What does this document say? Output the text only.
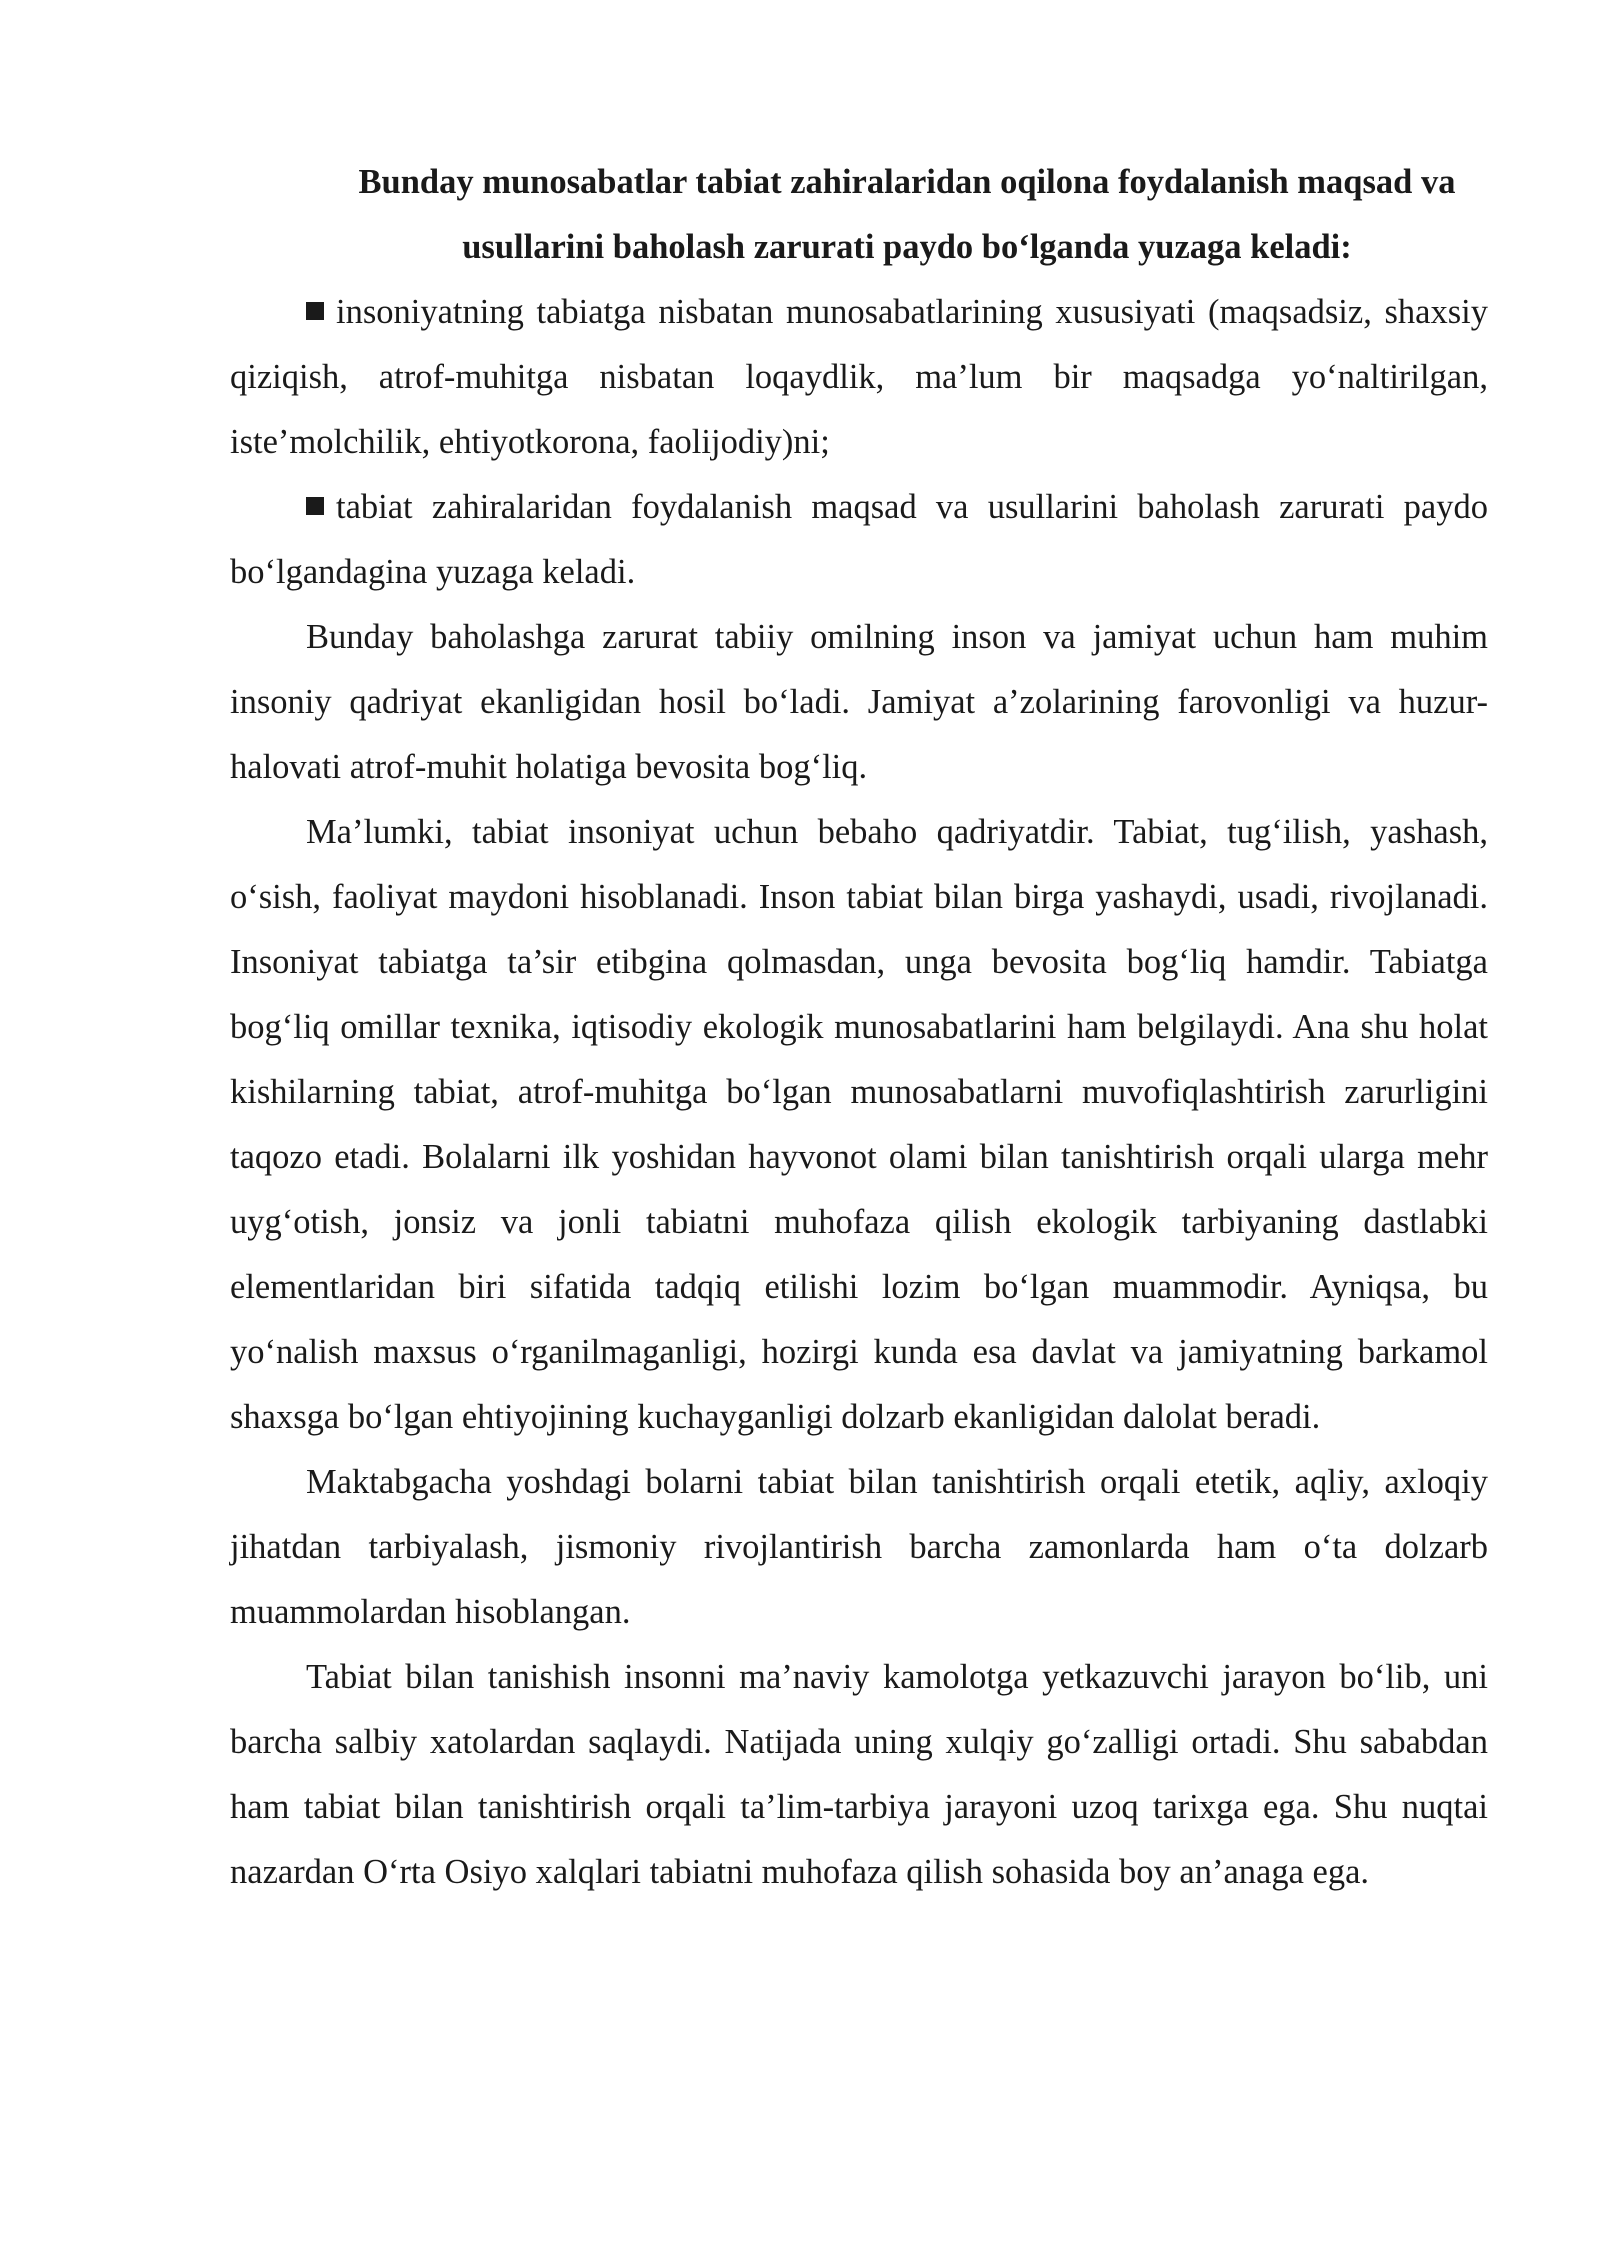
Bunday munosabatlar tabiat zahiralaridan oqilona foydalanish maqsad va usullarini baholash zarurati paydo bo‘lganda yuzaga keladi:

insoniyatning tabiatga nisbatan munosabatlarining xususiyati (maqsadsiz, shaxsiy qiziqish, atrof-muhitga nisbatan loqaydlik, ma’lum bir maqsadga yo‘naltirilgan, iste’molchilik, ehtiyotkorona, faolijodiy)ni;

tabiat zahiralaridan foydalanish maqsad va usullarini baholash zarurati paydo bo‘lgandagina yuzaga keladi.

Bunday baholashga zarurat tabiiy omilning inson va jamiyat uchun ham muhim insoniy qadriyat ekanligidan hosil bo‘ladi. Jamiyat a’zolarining farovonligi va huzur-halovati atrof-muhit holatiga bevosita bog‘liq.

Ma’lumki, tabiat insoniyat uchun bebaho qadriyatdir. Tabiat, tug‘ilish, yashash, o‘sish, faoliyat maydoni hisoblanadi. Inson tabiat bilan birga yashaydi, usadi, rivojlanadi. Insoniyat tabiatga ta’sir etibgina qolmasdan, unga bevosita bog‘liq hamdir. Tabiatga bog‘liq omillar texnika, iqtisodiy ekologik munosabatlarini ham belgilaydi. Ana shu holat kishilarning tabiat, atrof-muhitga bo‘lgan munosabatlarni muvofiqlashtirish zarurligini taqozo etadi. Bolalarni ilk yoshidan hayvonot olami bilan tanishtirish orqali ularga mehr uyg‘otish, jonsiz va jonli tabiatni muhofaza qilish ekologik tarbiyaning dastlabki elementlaridan biri sifatida tadqiq etilishi lozim bo‘lgan muammodir. Ayniqsa, bu yo‘nalish maxsus o‘rganilmaganligi, hozirgi kunda esa davlat va jamiyatning barkamol shaxsga bo‘lgan ehtiyojining kuchayganligi dolzarb ekanligidan dalolat beradi.

Maktabgacha yoshdagi bolarni tabiat bilan tanishtirish orqali etetik, aqliy, axloqiy jihatdan tarbiyalash, jismoniy rivojlantirish barcha zamonlarda ham o‘ta dolzarb muammolardan hisoblangan.

Tabiat bilan tanishish insonni ma’naviy kamolotga yetkazuvchi jarayon bo‘lib, uni barcha salbiy xatolardan saqlaydi. Natijada uning xulqiy go‘zalligi ortadi. Shu sababdan ham tabiat bilan tanishtirish orqali ta’lim-tarbiya jarayoni uzoq tarixga ega. Shu nuqtai nazardan O‘rta Osiyo xalqlari tabiatni muhofaza qilish sohasida boy an’anaga ega.
